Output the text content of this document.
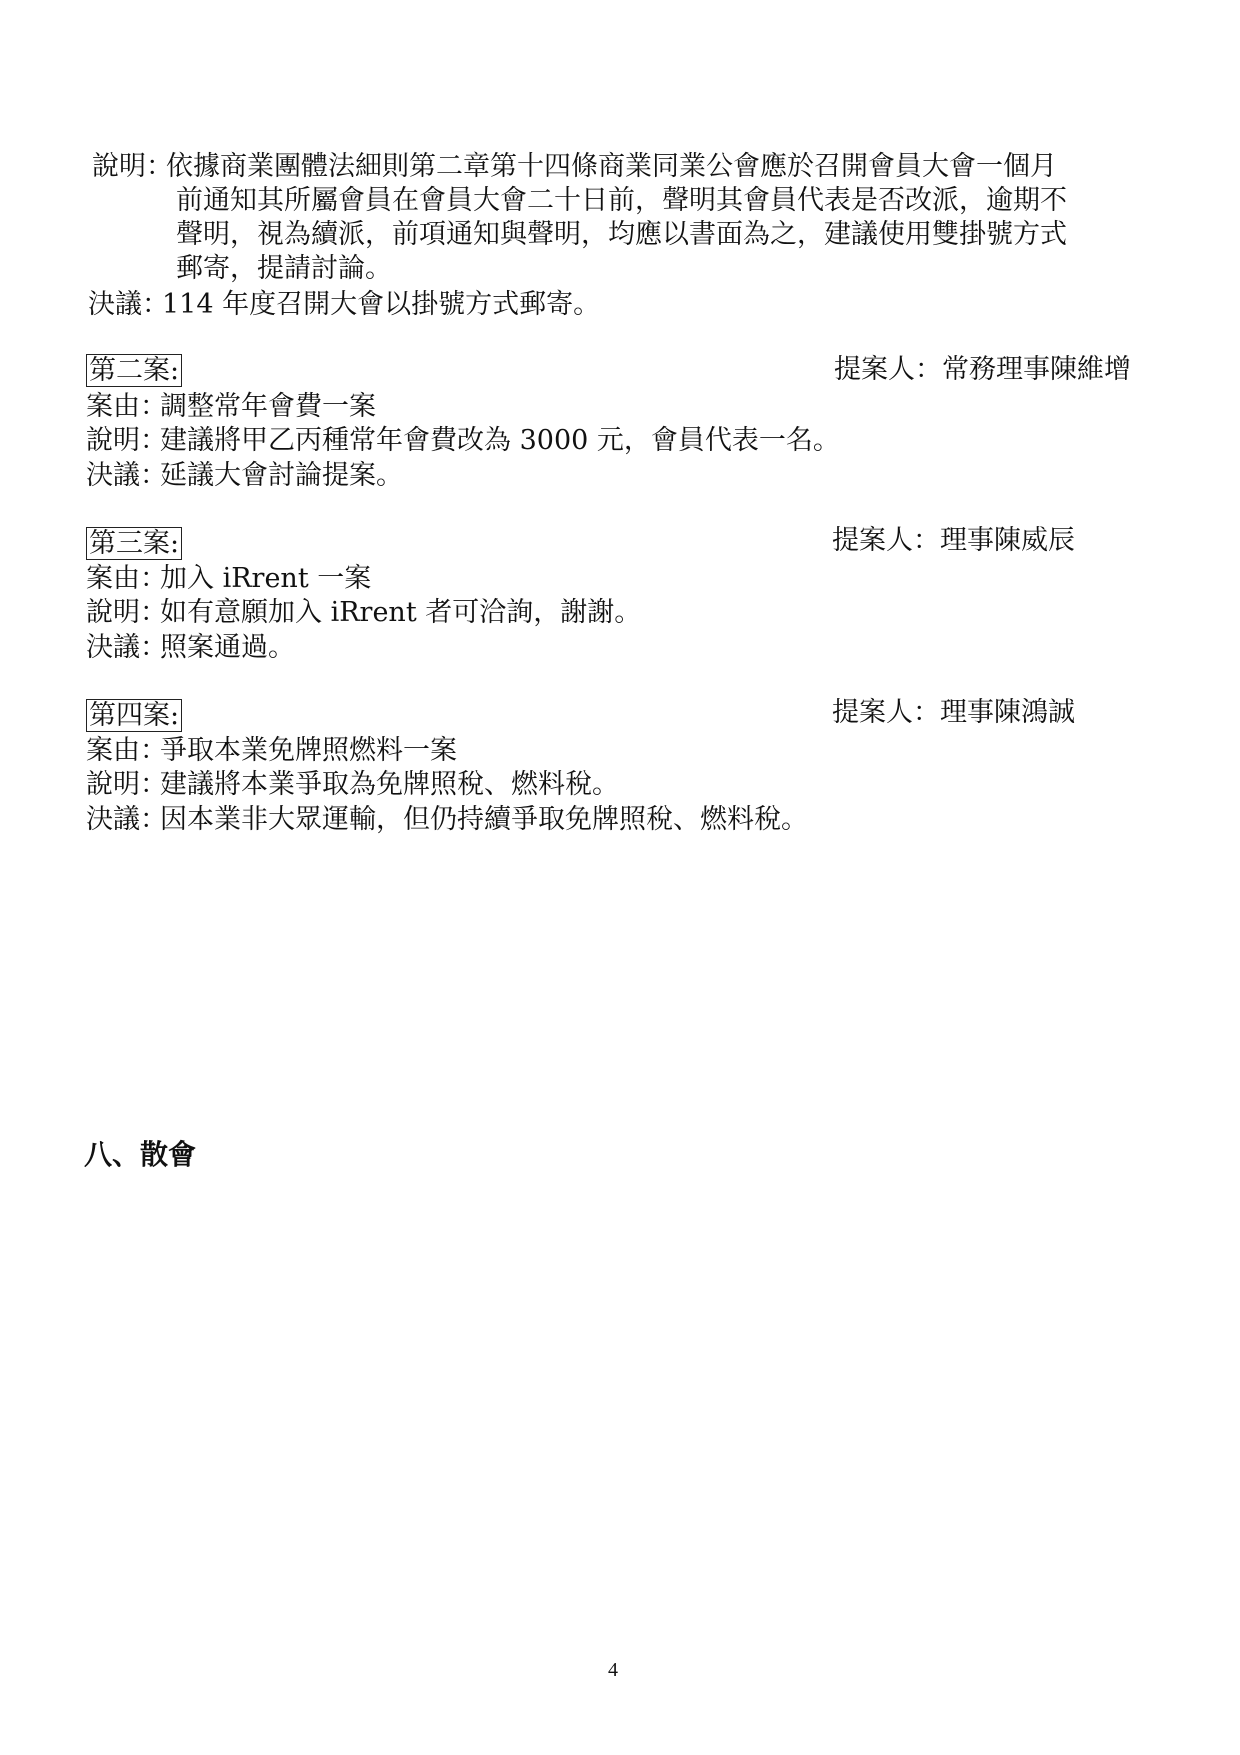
說明：依據商業團體法細則第二章第十四條商業同業公會應於召開會員大會一個月
前通知其所屬會員在會員大會二十日前，聲明其會員代表是否改派，逾期不
聲明，視為續派，前項通知與聲明，均應以書面為之，建議使用雙掛號方式
郵寄，提請討論。
決議：114 年度召開大會以掛號方式郵寄。
第二案:	提案人：常務理事陳維增
案由：調整常年會費一案
說明：建議將甲乙丙種常年會費改為 3000 元，會員代表一名。
決議：延議大會討論提案。
第三案:	提案人：理事陳威辰
案由：加入 iRrent 一案
說明：如有意願加入 iRrent 者可洽詢，謝謝。
決議：照案通過。
第四案:	提案人：理事陳鴻誠
案由：爭取本業免牌照燃料一案
說明：建議將本業爭取為免牌照稅、燃料稅。
決議：因本業非大眾運輸，但仍持續爭取免牌照稅、燃料稅。
八、散會
4
